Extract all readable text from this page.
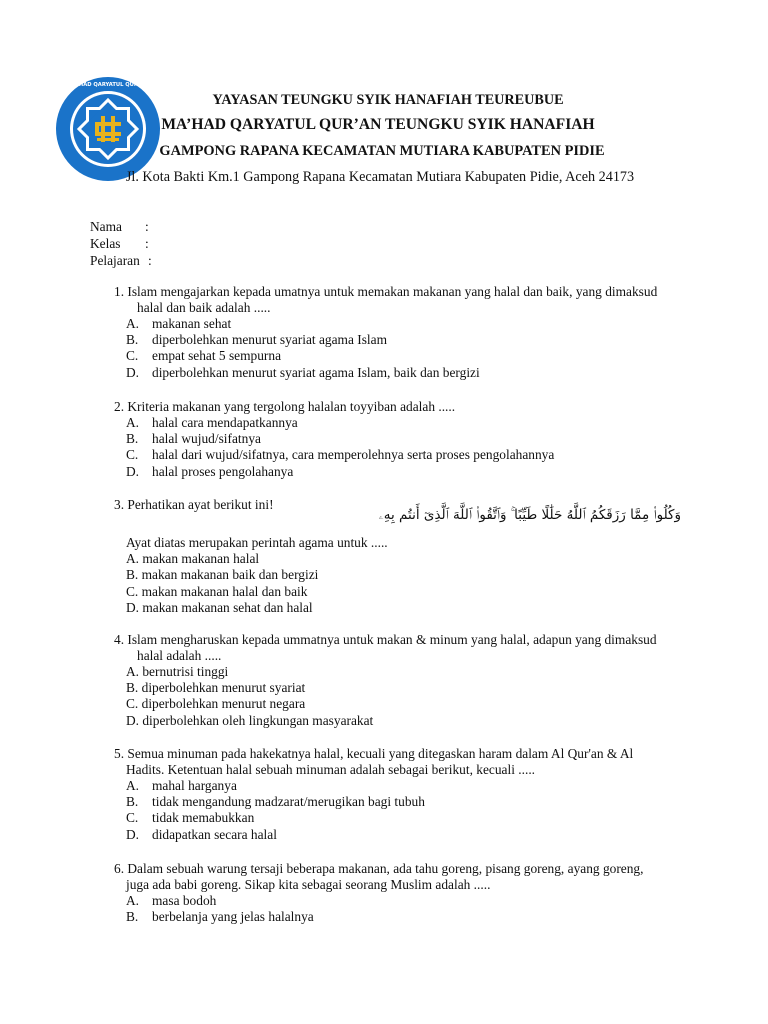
MA'HAD QARYATUL QUR'AN
YAYASAN TEUNGKU SYIK HANAFIAH TEUREUBUE
MA’HAD QARYATUL QUR’AN TEUNGKU SYIK HANAFIAH
GAMPONG RAPANA KECAMATAN MUTIARA KABUPATEN PIDIE
Jl. Kota Bakti Km.1 Gampong Rapana Kecamatan Mutiara Kabupaten Pidie, Aceh 24173
Nama :
Kelas :
Pelajaran :
1. Islam mengajarkan kepada umatnya untuk memakan makanan yang halal dan baik, yang dimaksud
halal dan baik adalah .....
A. makanan sehat
B. diperbolehkan menurut syariat agama Islam
C. empat sehat 5 sempurna
D. diperbolehkan menurut syariat agama Islam, baik dan bergizi
2. Kriteria makanan yang tergolong halalan toyyiban adalah .....
A. halal cara mendapatkannya
B. halal wujud/sifatnya
C. halal dari wujud/sifatnya, cara memperolehnya serta proses pengolahannya
D. halal proses pengolahanya
3. Perhatikan ayat berikut ini!
وَكُلُوا۟ مِمَّا رَزَقَكُمُ ٱللَّهُ حَلَٰلًا طَيِّبًا ۚ وَٱتَّقُوا۟ ٱللَّهَ ٱلَّذِىٓ أَنتُم بِهِۦ
Ayat diatas merupakan perintah agama untuk .....
A. makan makanan halal
B. makan makanan baik dan bergizi
C. makan makanan halal dan baik
D. makan makanan sehat dan halal
4. Islam mengharuskan kepada ummatnya untuk makan & minum yang halal, adapun yang dimaksud
halal adalah .....
A. bernutrisi tinggi
B. diperbolehkan menurut syariat
C. diperbolehkan menurut negara
D. diperbolehkan oleh lingkungan masyarakat
5. Semua minuman pada hakekatnya halal, kecuali yang ditegaskan haram dalam Al Qur'an & Al
Hadits. Ketentuan halal sebuah minuman adalah sebagai berikut, kecuali .....
A. mahal harganya
B. tidak mengandung madzarat/merugikan bagi tubuh
C. tidak memabukkan
D. didapatkan secara halal
6. Dalam sebuah warung tersaji beberapa makanan, ada tahu goreng, pisang goreng, ayang goreng,
juga ada babi goreng. Sikap kita sebagai seorang Muslim adalah .....
A. masa bodoh
B. berbelanja yang jelas halalnya
